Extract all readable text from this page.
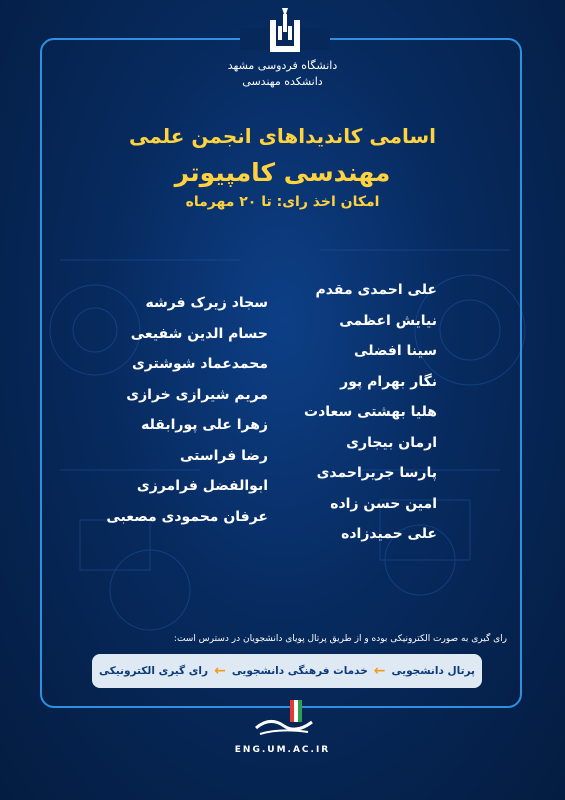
دانشگاه فردوسی مشهد
دانشکده مهندسی
اسامی کاندیداهای انجمن علمی
مهندسی کامپیوتر
امکان اخذ رای: تا ۲۰ مهرماه
علی احمدی مقدم
نیایش اعظمی
سینا افضلی
نگار بهرام پور
هلیا بهشتی سعادت
ارمان بیجاری
پارسا جریراحمدی
امین حسن زاده
علی حمیدزاده
سجاد زیرک فرشه
حسام الدین شفیعی
محمدعماد شوشتری
مریم شیرازی خرازی
زهرا علی پورابقله
رضا فراستی
ابوالفضل فرامرزی
عرفان محمودی مصعبی
رای گیری به صورت الکترونیکی بوده و از طریق پرتال پویای دانشجویان در دسترس است:
پرتال دانشجویی
←
خدمات فرهنگی دانشجویی
←
رای گیری الکترونیکی
ENG.UM.AC.IR
